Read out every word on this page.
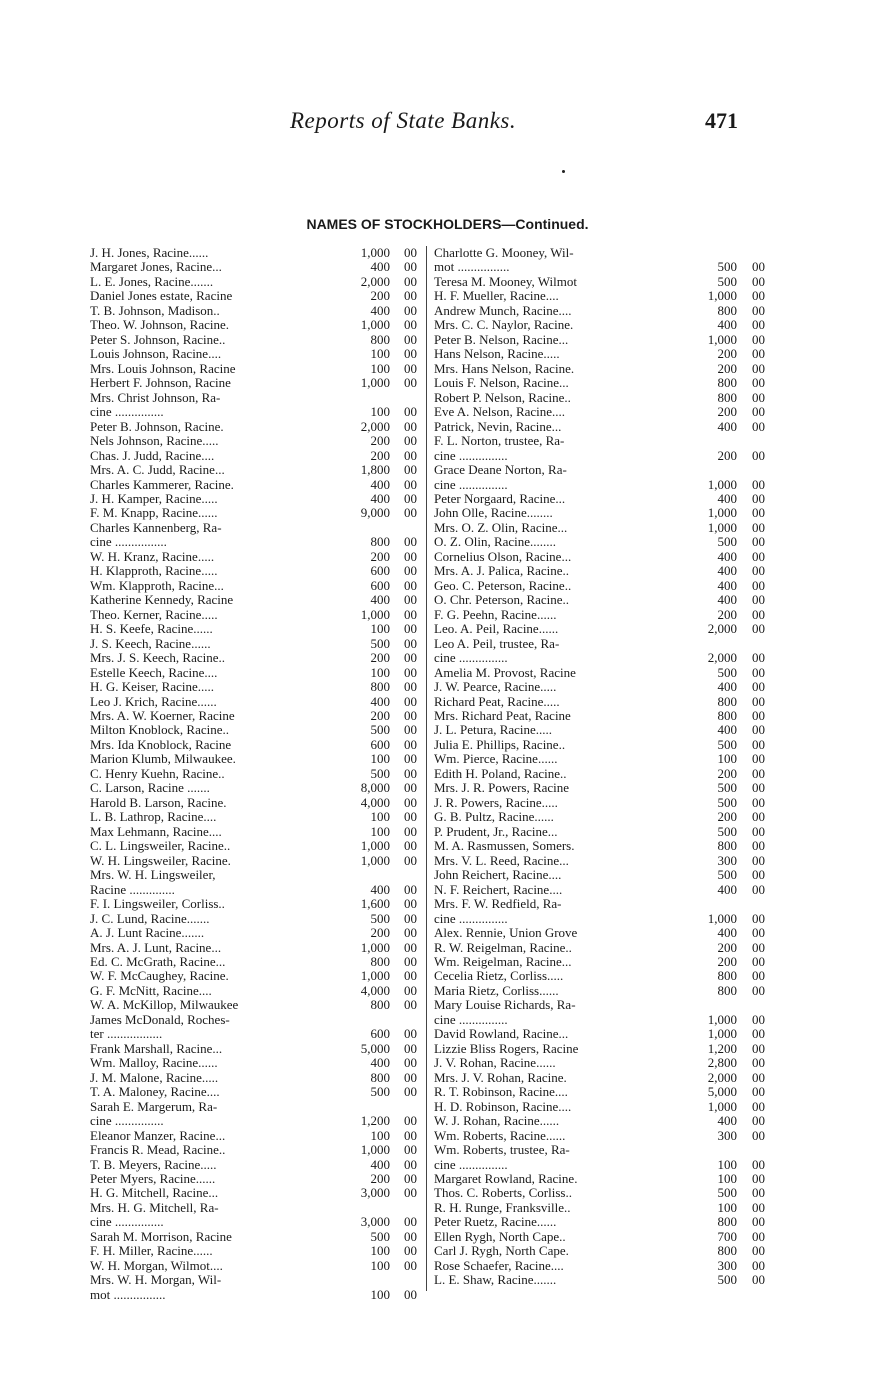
Reports of State Banks.	471
NAMES OF STOCKHOLDERS—Continued.
J. H. Jones, Racine......	1,000	00
Margaret Jones, Racine...	400	00
L. E. Jones, Racine.......	2,000	00
Daniel Jones estate, Racine	200	00
T. B. Johnson, Madison..	400	00
Theo. W. Johnson, Racine.	1,000	00
Peter S. Johnson, Racine..	800	00
Louis Johnson, Racine....	100	00
Mrs. Louis Johnson, Racine	100	00
Herbert F. Johnson, Racine	1,000	00
Mrs. Christ Johnson, Ra-
cine ...............	100	00
Peter B. Johnson, Racine.	2,000	00
Nels Johnson, Racine.....	200	00
Chas. J. Judd, Racine....	200	00
Mrs. A. C. Judd, Racine...	1,800	00
Charles Kammerer, Racine.	400	00
J. H. Kamper, Racine.....	400	00
F. M. Knapp, Racine......	9,000	00
Charles Kannenberg, Ra-
cine ................	800	00
W. H. Kranz, Racine.....	200	00
H. Klapproth, Racine.....	600	00
Wm. Klapproth, Racine...	600	00
Katherine Kennedy, Racine	400	00
Theo. Kerner, Racine.....	1,000	00
H. S. Keefe, Racine......	100	00
J. S. Keech, Racine......	500	00
Mrs. J. S. Keech, Racine..	200	00
Estelle Keech, Racine....	100	00
H. G. Keiser, Racine.....	800	00
Leo J. Krich, Racine......	400	00
Mrs. A. W. Koerner, Racine	200	00
Milton Knoblock, Racine..	500	00
Mrs. Ida Knoblock, Racine	600	00
Marion Klumb, Milwaukee.	100	00
C. Henry Kuehn, Racine..	500	00
C. Larson, Racine .......	8,000	00
Harold B. Larson, Racine.	4,000	00
L. B. Lathrop, Racine....	100	00
Max Lehmann, Racine....	100	00
C. L. Lingsweiler, Racine..	1,000	00
W. H. Lingsweiler, Racine.	1,000	00
Mrs. W. H. Lingsweiler,
Racine ..............	400	00
F. I. Lingsweiler, Corliss..	1,600	00
J. C. Lund, Racine.......	500	00
A. J. Lunt Racine.......	200	00
Mrs. A. J. Lunt, Racine...	1,000	00
Ed. C. McGrath, Racine...	800	00
W. F. McCaughey, Racine.	1,000	00
G. F. McNitt, Racine....	4,000	00
W. A. McKillop, Milwaukee	800	00
James McDonald, Roches-
ter .................	600	00
Frank Marshall, Racine...	5,000	00
Wm. Malloy, Racine......	400	00
J. M. Malone, Racine.....	800	00
T. A. Maloney, Racine....	500	00
Sarah E. Margerum, Ra-
cine ...............	1,200	00
Eleanor Manzer, Racine...	100	00
Francis R. Mead, Racine..	1,000	00
T. B. Meyers, Racine.....	400	00
Peter Myers, Racine......	200	00
H. G. Mitchell, Racine...	3,000	00
Mrs. H. G. Mitchell, Ra-
cine ...............	3,000	00
Sarah M. Morrison, Racine	500	00
F. H. Miller, Racine......	100	00
W. H. Morgan, Wilmot....	100	00
Mrs. W. H. Morgan, Wil-
mot ................	100	00
Charlotte G. Mooney, Wil-
mot ................	500	00
Teresa M. Mooney, Wilmot	500	00
H. F. Mueller, Racine....	1,000	00
Andrew Munch, Racine....	800	00
Mrs. C. C. Naylor, Racine.	400	00
Peter B. Nelson, Racine...	1,000	00
Hans Nelson, Racine.....	200	00
Mrs. Hans Nelson, Racine.	200	00
Louis F. Nelson, Racine...	800	00
Robert P. Nelson, Racine..	800	00
Eve A. Nelson, Racine....	200	00
Patrick, Nevin, Racine...	400	00
F. L. Norton, trustee, Ra-
cine ...............	200	00
Grace Deane Norton, Ra-
cine ...............	1,000	00
Peter Norgaard, Racine...	400	00
John Olle, Racine........	1,000	00
Mrs. O. Z. Olin, Racine...	1,000	00
O. Z. Olin, Racine........	500	00
Cornelius Olson, Racine...	400	00
Mrs. A. J. Palica, Racine..	400	00
Geo. C. Peterson, Racine..	400	00
O. Chr. Peterson, Racine..	400	00
F. G. Peehn, Racine......	200	00
Leo. A. Peil, Racine......	2,000	00
Leo A. Peil, trustee, Ra-
cine ...............	2,000	00
Amelia M. Provost, Racine	500	00
J. W. Pearce, Racine.....	400	00
Richard Peat, Racine.....	800	00
Mrs. Richard Peat, Racine	800	00
J. L. Petura, Racine.....	400	00
Julia E. Phillips, Racine..	500	00
Wm. Pierce, Racine......	100	00
Edith H. Poland, Racine..	200	00
Mrs. J. R. Powers, Racine	500	00
J. R. Powers, Racine.....	500	00
G. B. Pultz, Racine......	200	00
P. Prudent, Jr., Racine...	500	00
M. A. Rasmussen, Somers.	800	00
Mrs. V. L. Reed, Racine...	300	00
John Reichert, Racine....	500	00
N. F. Reichert, Racine....	400	00
Mrs. F. W. Redfield, Ra-
cine ...............	1,000	00
Alex. Rennie, Union Grove	400	00
R. W. Reigelman, Racine..	200	00
Wm. Reigelman, Racine...	200	00
Cecelia Rietz, Corliss.....	800	00
Maria Rietz, Corliss......	800	00
Mary Louise Richards, Ra-
cine ...............	1,000	00
David Rowland, Racine...	1,000	00
Lizzie Bliss Rogers, Racine	1,200	00
J. V. Rohan, Racine......	2,800	00
Mrs. J. V. Rohan, Racine.	2,000	00
R. T. Robinson, Racine....	5,000	00
H. D. Robinson, Racine....	1,000	00
W. J. Rohan, Racine......	400	00
Wm. Roberts, Racine......	300	00
Wm. Roberts, trustee, Ra-
cine ...............	100	00
Margaret Rowland, Racine.	100	00
Thos. C. Roberts, Corliss..	500	00
R. H. Runge, Franksville..	100	00
Peter Ruetz, Racine......	800	00
Ellen Rygh, North Cape..	700	00
Carl J. Rygh, North Cape.	800	00
Rose Schaefer, Racine....	300	00
L. E. Shaw, Racine.......	500	00
